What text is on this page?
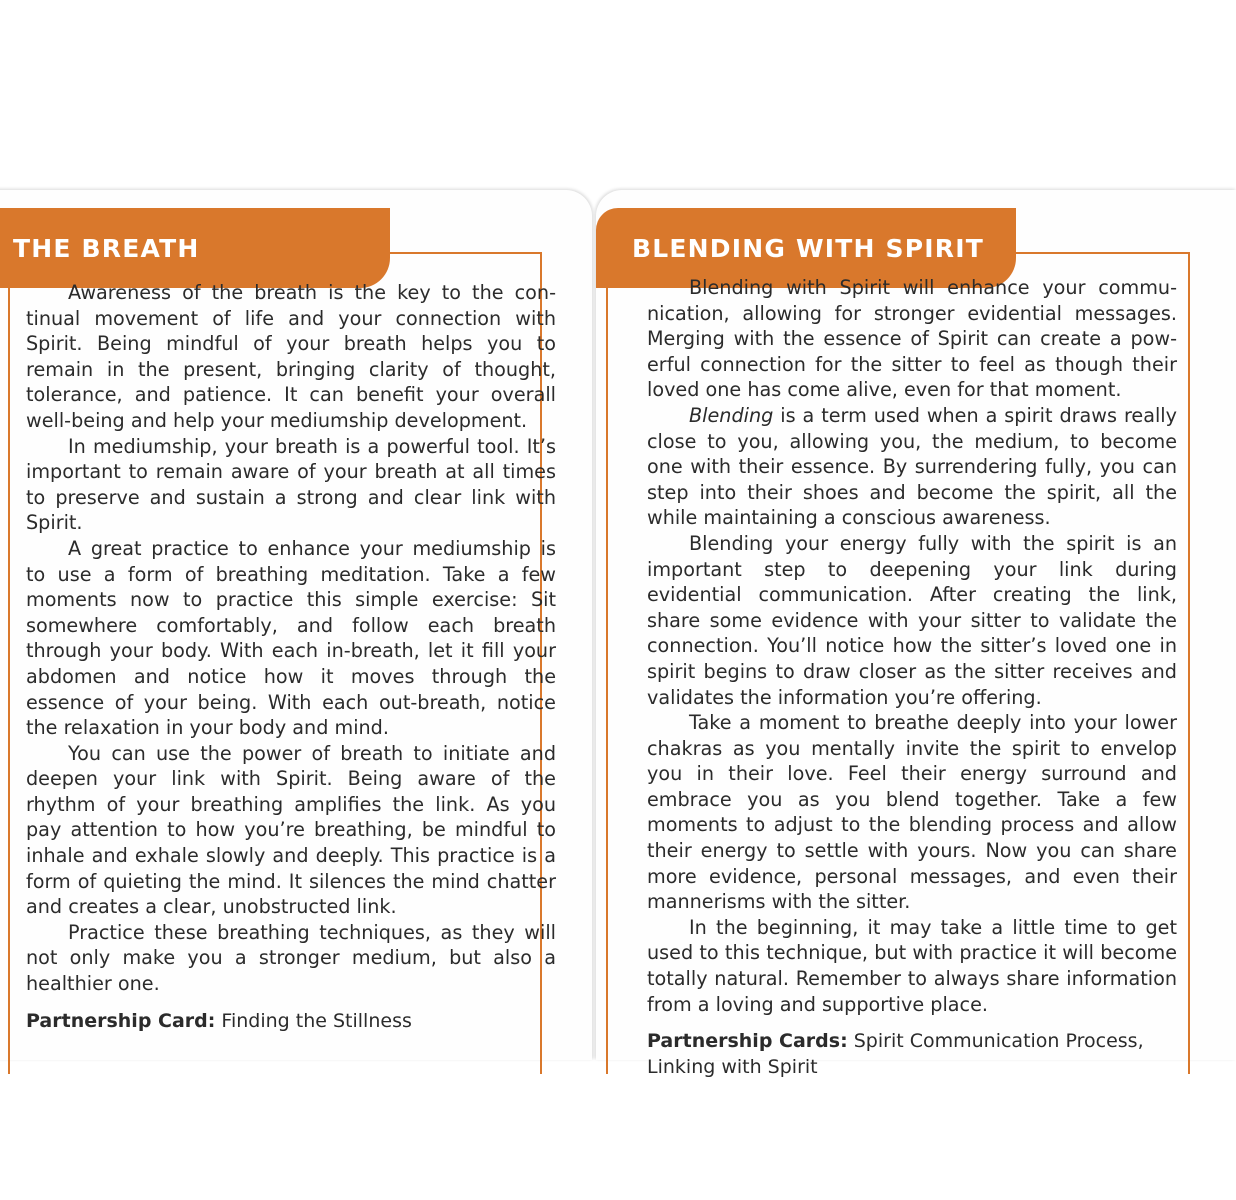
THE BREATH

Awareness of the breath is the key to the continual movement of life and your connection with Spirit. Being mindful of your breath helps you to remain in the present, bringing clarity of thought, tolerance, and patience. It can benefit your overall well-being and help your mediumship development.

In mediumship, your breath is a powerful tool. It’s important to remain aware of your breath at all times to preserve and sustain a strong and clear link with Spirit.

A great practice to enhance your mediumship is to use a form of breathing meditation. Take a few moments now to practice this simple exercise: Sit somewhere comfortably, and follow each breath through your body. With each in-breath, let it fill your abdomen and notice how it moves through the essence of your being. With each out-breath, notice the relaxation in your body and mind.

You can use the power of breath to initiate and deepen your link with Spirit. Being aware of the rhythm of your breathing amplifies the link. As you pay attention to how you’re breathing, be mindful to inhale and exhale slowly and deeply. This practice is a form of quieting the mind. It silences the mind chatter and creates a clear, unobstructed link.

Practice these breathing techniques, as they will not only make you a stronger medium, but also a healthier one.

Partnership Card: Finding the Stillness
BLENDING WITH SPIRIT

Blending with Spirit will enhance your communication, allowing for stronger evidential messages. Merging with the essence of Spirit can create a powerful connection for the sitter to feel as though their loved one has come alive, even for that moment.

Blending is a term used when a spirit draws really close to you, allowing you, the medium, to become one with their essence. By surrendering fully, you can step into their shoes and become the spirit, all the while maintaining a conscious awareness.

Blending your energy fully with the spirit is an important step to deepening your link during evidential communication. After creating the link, share some evidence with your sitter to validate the connection. You’ll notice how the sitter’s loved one in spirit begins to draw closer as the sitter receives and validates the information you’re offering.

Take a moment to breathe deeply into your lower chakras as you mentally invite the spirit to envelop you in their love. Feel their energy surround and embrace you as you blend together. Take a few moments to adjust to the blending process and allow their energy to settle with yours. Now you can share more evidence, personal messages, and even their mannerisms with the sitter.

In the beginning, it may take a little time to get used to this technique, but with practice it will become totally natural. Remember to always share information from a loving and supportive place.

Partnership Cards: Spirit Communication Process,
Linking with Spirit
